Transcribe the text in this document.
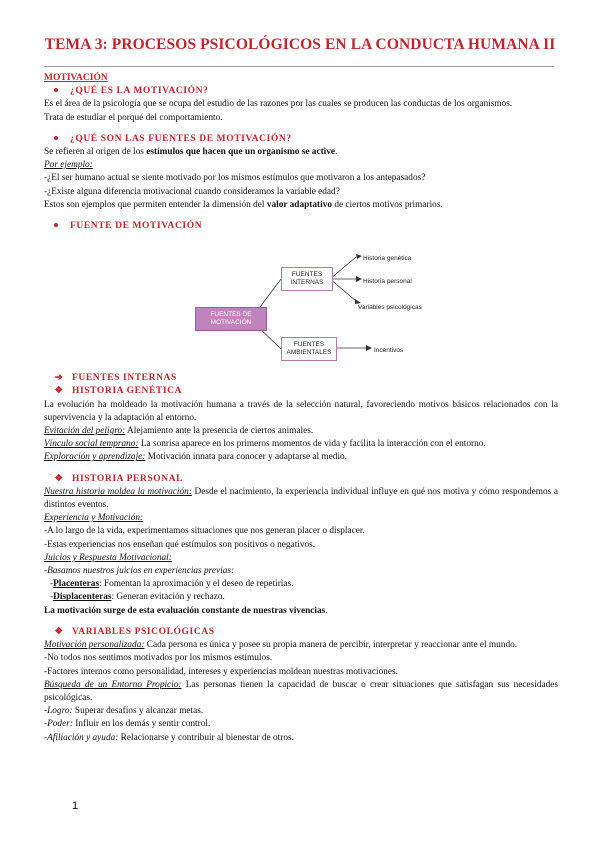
TEMA 3: PROCESOS PSICOLÓGICOS EN LA CONDUCTA HUMANA II

MOTIVACIÓN

¿QUÉ ES LA MOTIVACIÓN?

Es el área de la psicología que se ocupa del estudio de las razones por las cuales se producen las conductas de los organismos.

Trata de estudiar el porqué del comportamiento.

¿QUÉ SON LAS FUENTES DE MOTIVACIÓN?

Se refieren al origen de los estímulos que hacen que un organismo se active.

Por ejemplo:

-¿El ser humano actual se siente motivado por los mismos estímulos que motivaron a los antepasados?

-¿Existe alguna diferencia motivacional cuando consideramos la variable edad?

Estos son ejemplos que permiten entender la dimensión del valor adaptativo de ciertos motivos primarios.

FUENTE DE MOTIVACIÓN

FUENTES DE MOTIVACIÓN
FUENTES INTERNAS
FUENTES AMBIENTALES
Historia genética
Historia personal
Variables psicológicas
Incentivos

➔ FUENTES INTERNAS

❖ HISTORIA GENÉTICA

La evolución ha moldeado la motivación humana a través de la selección natural, favoreciendo motivos básicos relacionados con la supervivencia y la adaptación al entorno.

Evitación del peligro: Alejamiento ante la presencia de ciertos animales.

Vínculo social temprano: La sonrisa aparece en los primeros momentos de vida y facilita la interacción con el entorno.

Exploración y aprendizaje: Motivación innata para conocer y adaptarse al medio.

❖ HISTORIA PERSONAL

Nuestra historia moldea la motivación: Desde el nacimiento, la experiencia individual influye en qué nos motiva y cómo respondemos a distintos eventos.

Experiencia y Motivación:

-A lo largo de la vida, experimentamos situaciones que nos generan placer o displacer.

-Estas experiencias nos enseñan qué estímulos son positivos o negativos.

Juicios y Respuesta Motivacional:

-Basamos nuestros juicios en experiencias previas:

-Placenteras: Fomentan la aproximación y el deseo de repetirlas.

-Displacenteras: Generan evitación y rechazo.

La motivación surge de esta evaluación constante de nuestras vivencias.

❖ VARIABLES PSICOLÓGICAS

Motivación personalizada: Cada persona es única y posee su propia manera de percibir, interpretar y reaccionar ante el mundo.

-No todos nos sentimos motivados por los mismos estímulos.

-Factores internos como personalidad, intereses y experiencias moldean nuestras motivaciones.

Búsqueda de un Entorno Propicio: Las personas tienen la capacidad de buscar o crear situaciones que satisfagan sus necesidades psicológicas.

-Logro: Superar desafíos y alcanzar metas.

-Poder: Influir en los demás y sentir control.

-Afiliación y ayuda: Relacionarse y contribuir al bienestar de otros.

1
